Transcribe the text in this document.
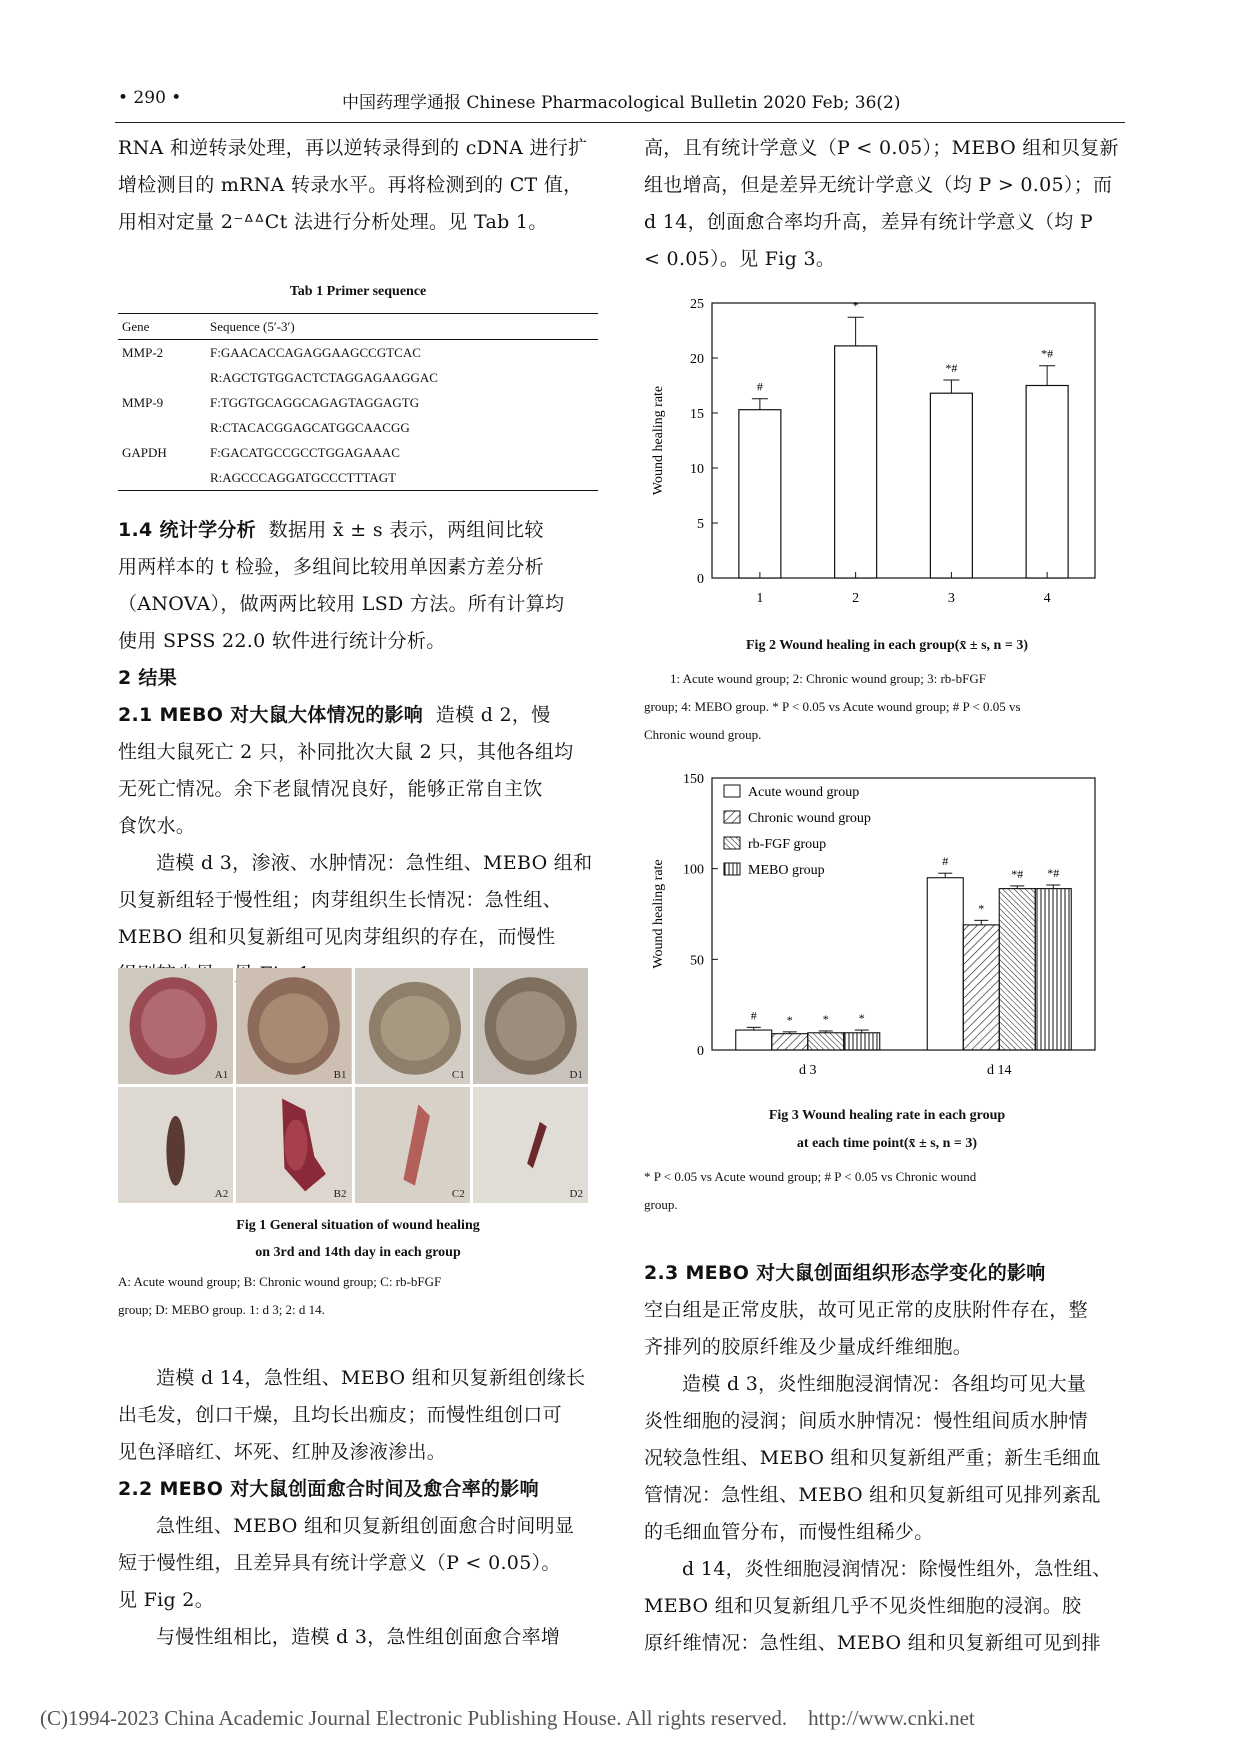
• 290 •	中国药理学通报 Chinese Pharmacological Bulletin 2020 Feb; 36(2)

RNA 和逆转录处理，再以逆转录得到的 cDNA 进行扩

增检测目的 mRNA 转录水平。再将检测到的 CT 值，

用相对定量 2⁻ᐞᐞCt 法进行分析处理。见 Tab 1。

Tab 1 Primer sequence
Gene	Sequence (5′-3′)
MMP-2	F:GAACACCAGAGGAAGCCGTCAC
	R:AGCTGTGGACTCTAGGAGAAGGAC
MMP-9	F:TGGTGCAGGCAGAGTAGGAGTG
	R:CTACACGGAGCATGGCAACGG
GAPDH	F:GACATGCCGCCTGGAGAAAC
	R:AGCCCAGGATGCCCTTTAGT

1.4 统计学分析 数据用 x̄ ± s 表示，两组间比较

用两样本的 t 检验，多组间比较用单因素方差分析

（ANOVA），做两两比较用 LSD 方法。所有计算均

使用 SPSS 22.0 软件进行统计分析。

2 结果

2.1 MEBO 对大鼠大体情况的影响 造模 d 2，慢

性组大鼠死亡 2 只，补同批次大鼠 2 只，其他各组均

无死亡情况。余下老鼠情况良好，能够正常自主饮

食饮水。

造模 d 3，渗液、水肿情况：急性组、MEBO 组和

贝复新组轻于慢性组；肉芽组织生长情况：急性组、

MEBO 组和贝复新组可见肉芽组织的存在，而慢性

A1	B1	C1	D1
A2	B2	C2	D2
Fig 1 General situation of wound healing
on 3rd and 14th day in each group
A: Acute wound group; B: Chronic wound group; C: rb-bFGF
group; D: MEBO group. 1: d 3; 2: d 14.

造模 d 14，急性组、MEBO 组和贝复新组创缘长

出毛发，创口干燥，且均长出痂皮；而慢性组创口可

见色泽暗红、坏死、红肿及渗液渗出。

2.2 MEBO 对大鼠创面愈合时间及愈合率的影响

急性组、MEBO 组和贝复新组创面愈合时间明显

短于慢性组，且差异具有统计学意义（P < 0.05）。

见 Fig 2。

与慢性组相比，造模 d 3，急性组创面愈合率增

高，且有统计学意义（P < 0.05）；MEBO 组和贝复新

组也增高，但是差异无统计学意义（均 P > 0.05）；而

d 14，创面愈合率均升高，差异有统计学意义（均 P

< 0.05）。见 Fig 3。

0
5
10
15
20
25
Wound healing rate	#
1
*
2
*#
3
*#
4
Fig 2 Wound healing in each group(x̄ ± s, n = 3)
1: Acute wound group; 2: Chronic wound group; 3: rb-bFGF
group; 4: MEBO group. * P < 0.05 vs Acute wound group; # P < 0.05 vs
Chronic wound group.
0
50
100
150
Wound healing rate
Acute wound group
Chronic wound group
rb-FGF group
MEBO group
#	*	*	*
d 3
#
*
*# *#
d 14
Fig 3 Wound healing rate in each group
at each time point(x̄ ± s, n = 3)
* P < 0.05 vs Acute wound group; # P < 0.05 vs Chronic wound
group.

2.3 MEBO 对大鼠创面组织形态学变化的影响

空白组是正常皮肤，故可见正常的皮肤附件存在，整

齐排列的胶原纤维及少量成纤维细胞。

造模 d 3，炎性细胞浸润情况：各组均可见大量

炎性细胞的浸润；间质水肿情况：慢性组间质水肿情

况较急性组、MEBO 组和贝复新组严重；新生毛细血

管情况：急性组、MEBO 组和贝复新组可见排列紊乱

的毛细血管分布，而慢性组稀少。

d 14，炎性细胞浸润情况：除慢性组外，急性组、

MEBO 组和贝复新组几乎不见炎性细胞的浸润。胶

原纤维情况：急性组、MEBO 组和贝复新组可见到排

(C)1994-2023 China Academic Journal Electronic Publishing House. All rights reserved. http://www.cnki.net
